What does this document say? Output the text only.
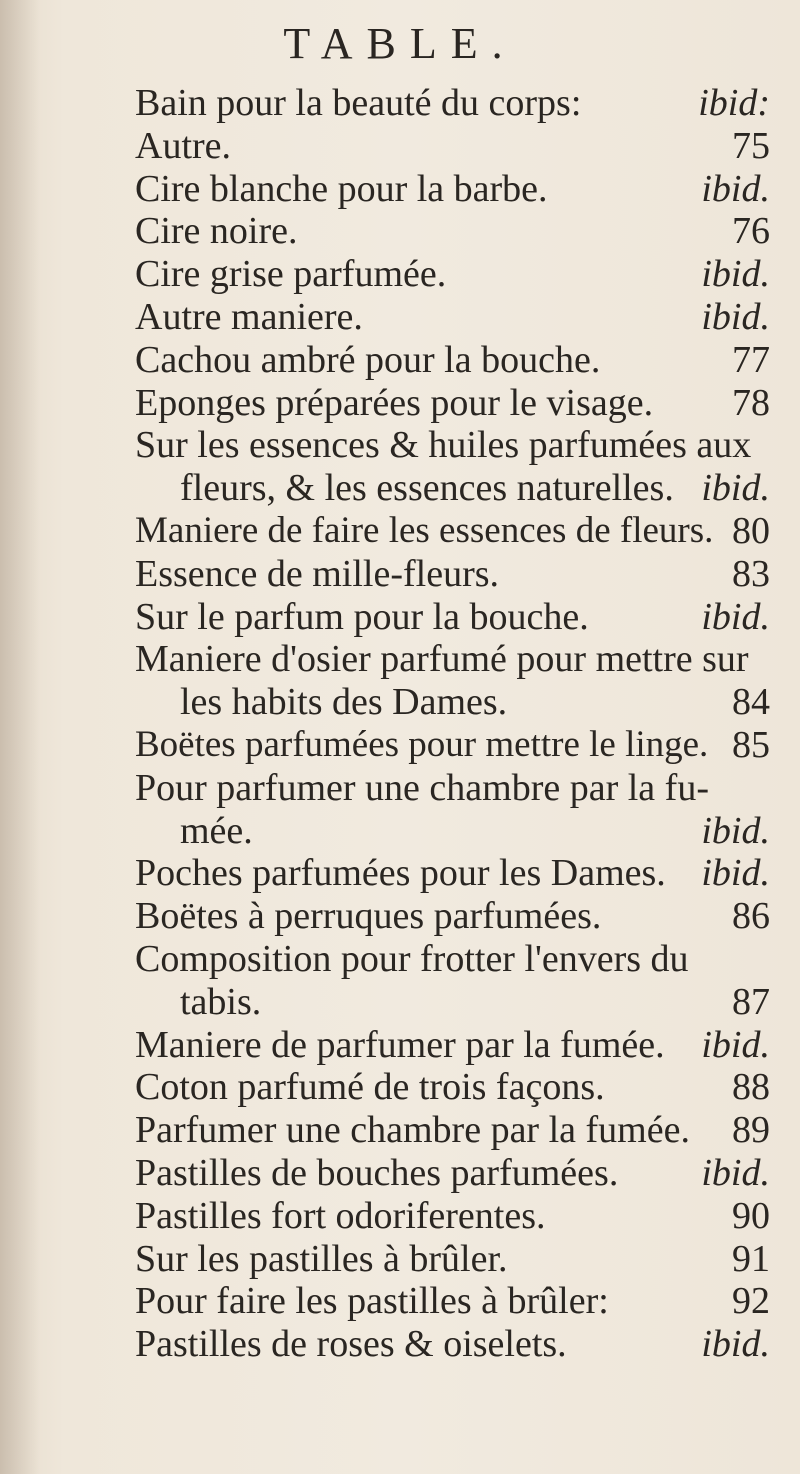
TABLE.
Bain pour la beauté du corps:	ibid:
Autre.	75
Cire blanche pour la barbe.	ibid.
Cire noire.	76
Cire grise parfumée.	ibid.
Autre maniere.	ibid.
Cachou ambré pour la bouche.	77
Eponges préparées pour le visage. 78
Sur les essences & huiles parfumées aux
fleurs, & les essences naturelles. ibid.
Maniere de faire les essences de fleurs. 80
Essence de mille-fleurs.	83
Sur le parfum pour la bouche.	ibid.
Maniere d'osier parfumé pour mettre sur
les habits des Dames.	84
Boëtes parfumées pour mettre le linge. 85
Pour parfumer une chambre par la fu-
mée.	ibid.
Poches parfumées pour les Dames. ibid.
Boëtes à perruques parfumées.	86
Composition pour frotter l'envers du
tabis.	87
Maniere de parfumer par la fumée. ibid.
Coton parfumé de trois façons.	88
Parfumer une chambre par la fumée. 89
Pastilles de bouches parfumées. ibid.
Pastilles fort odoriferentes.	90
Sur les pastilles à brûler.	91
Pour faire les pastilles à brûler:	92
Pastilles de roses & oiselets.	ibid.
